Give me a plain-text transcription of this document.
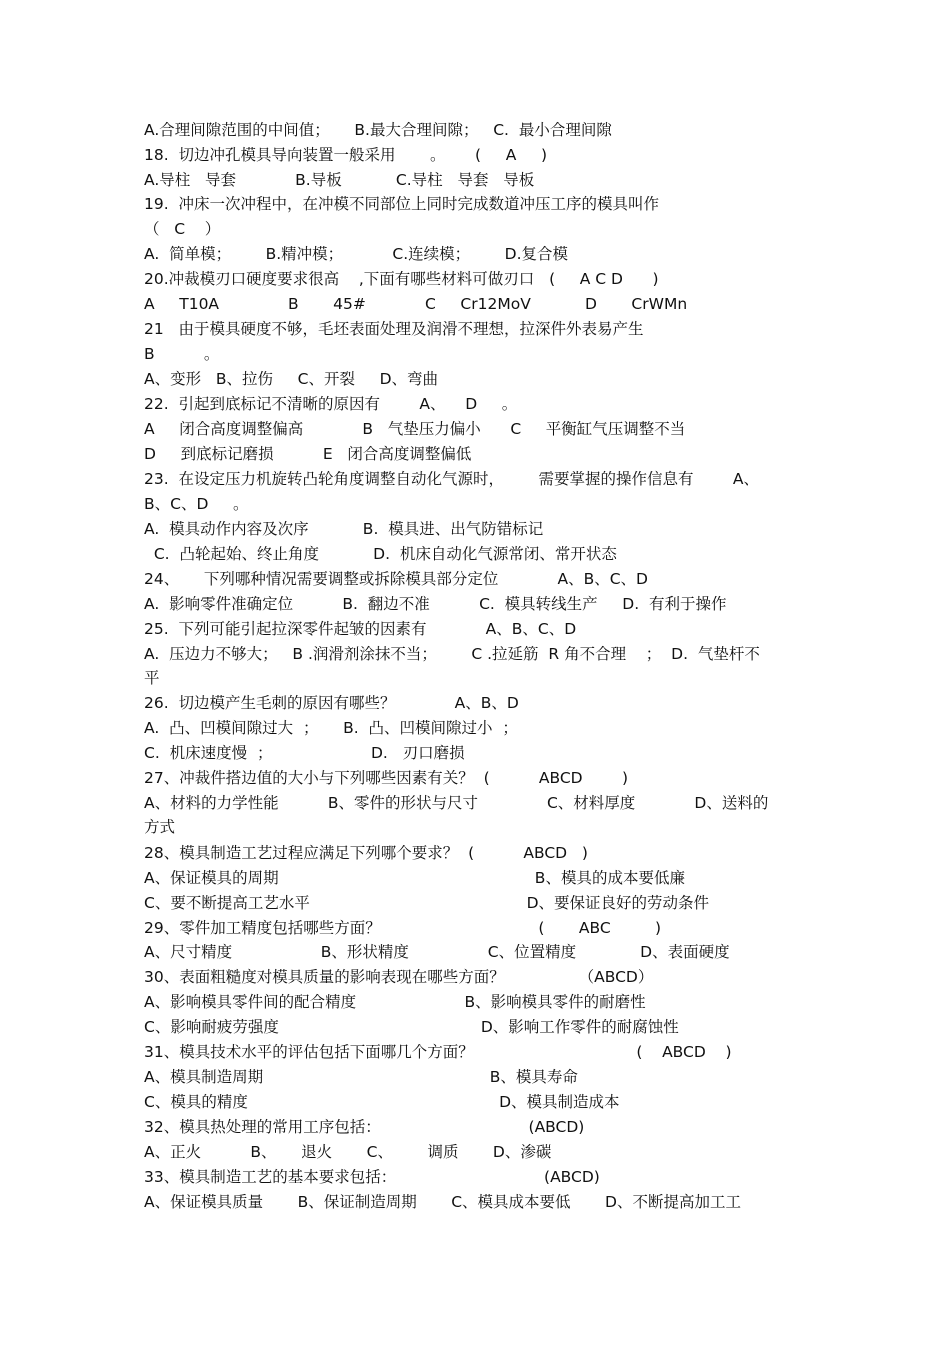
A.合理间隙范围的中间值；     B.最大合理间隙；   C.  最小合理间隙
18.  切边冲孔模具导向装置一般采用       。      (     A     )
A.导柱   导套            B.导板           C.导柱   导套   导板
19.  冲床一次冲程中，在冲模不同部位上同时完成数道冲压工序的模具叫作
（   C    ）
A.  简单模；       B.精冲模；          C.连续模；       D.复合模
20.冲裁模刃口硬度要求很高    ,下面有哪些材料可做刃口   (     A C D      )
A     T10A              B       45#            C     Cr12MoV           D       CrWMn
21   由于模具硬度不够，毛坯表面处理及润滑不理想，拉深件外表易产生
B          。
A、变形   B、拉伤     C、开裂     D、弯曲
22.  引起到底标记不清晰的原因有        A、    D     。
A     闭合高度调整偏高            B   气垫压力偏小      C     平衡缸气压调整不当
D     到底标记磨损          E   闭合高度调整偏低
23.  在设定压力机旋转凸轮角度调整自动化气源时，       需要掌握的操作信息有        A、
B、C、D     。
A.  模具动作内容及次序           B.  模具进、出气防错标记
C.  凸轮起始、终止角度           D.  机床自动化气源常闭、常开状态
24、     下列哪种情况需要调整或拆除模具部分定位            A、B、C、D
A.  影响零件准确定位          B.  翻边不准          C.  模具转线生产     D.  有利于操作
25.  下列可能引起拉深零件起皱的因素有            A、B、C、D
A.  压边力不够大；   B .润滑剂涂抹不当；       C .拉延筋  R 角不合理    ；  D.  气垫杆不
平
26.  切边模产生毛刺的原因有哪些？            A、B、D
A.  凸、凹模间隙过大  ；     B.  凸、凹模间隙过小  ；
C.  机床速度慢  ；                    D.   刃口磨损
27、冲裁件搭边值的大小与下列哪些因素有关？  (          ABCD        )
A、材料的力学性能          B、零件的形状与尺寸              C、材料厚度            D、送料的
方式
28、模具制造工艺过程应满足下列哪个要求？  (          ABCD   )
A、保证模具的周期                                                    B、模具的成本要低廉
C、要不断提高工艺水平                                            D、要保证良好的劳动条件
29、零件加工精度包括哪些方面？                                (       ABC         )
A、尺寸精度                  B、形状精度                C、位置精度             D、表面硬度
30、表面粗糙度对模具质量的影响表现在哪些方面？               （ABCD）
A、影响模具零件间的配合精度                      B、影响模具零件的耐磨性
C、影响耐疲劳强度                                         D、影响工作零件的耐腐蚀性
31、模具技术水平的评估包括下面哪几个方面？                                 (    ABCD    )
A、模具制造周期                                              B、模具寿命
C、模具的精度                                                   D、模具制造成本
32、模具热处理的常用工序包括：                              (ABCD)
A、正火          B、     退火       C、       调质       D、渗碳
33、模具制造工艺的基本要求包括：                              (ABCD)
A、保证模具质量       B、保证制造周期       C、模具成本要低       D、不断提高加工工
